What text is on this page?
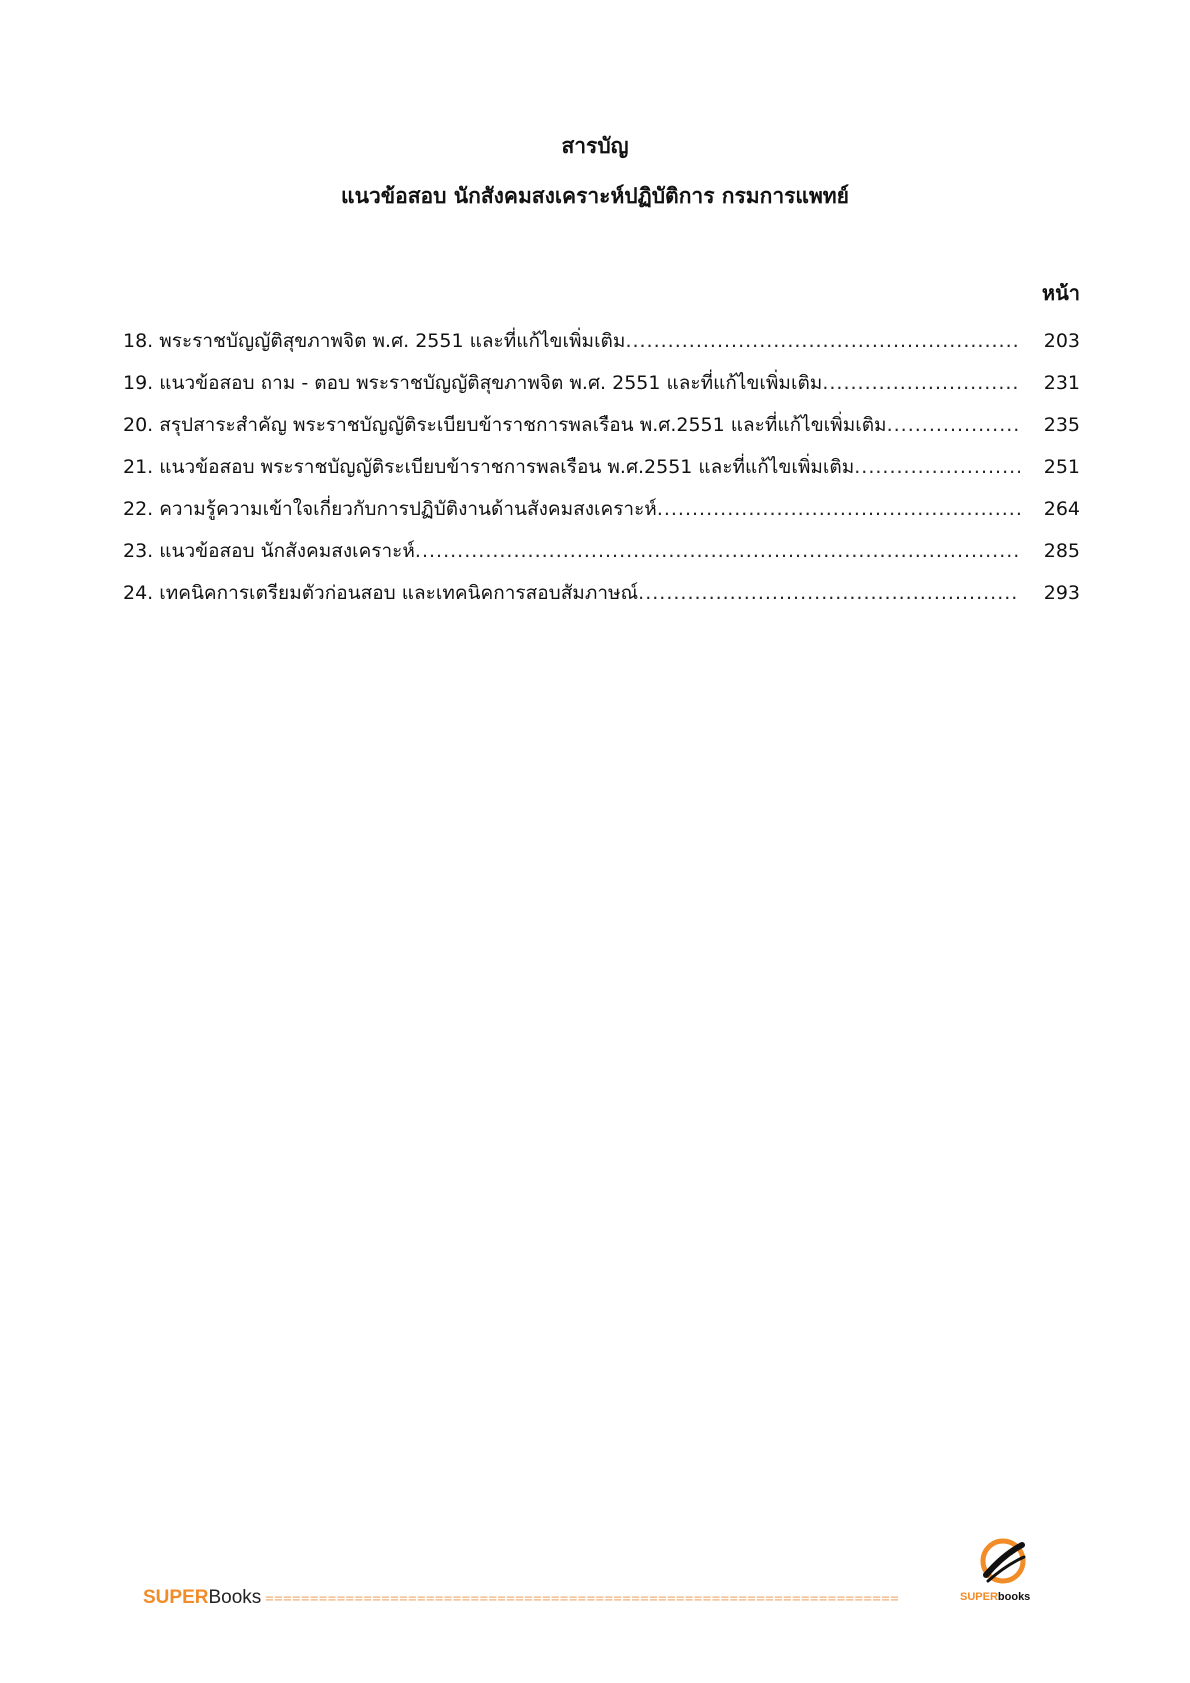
สารบัญ
แนวข้อสอบ นักสังคมสงเคราะห์ปฏิบัติการ กรมการแพทย์
หน้า
18. พระราชบัญญัติสุขภาพจิต พ.ศ. 2551 และที่แก้ไขเพิ่มเติม .....	203
19. แนวข้อสอบ ถาม - ตอบ พระราชบัญญัติสุขภาพจิต พ.ศ. 2551 และที่แก้ไขเพิ่มเติม .....	231
20. สรุปสาระสำคัญ พระราชบัญญัติระเบียบข้าราชการพลเรือน พ.ศ.2551 และที่แก้ไขเพิ่มเติม .....	235
21. แนวข้อสอบ พระราชบัญญัติระเบียบข้าราชการพลเรือน พ.ศ.2551 และที่แก้ไขเพิ่มเติม .....	251
22. ความรู้ความเข้าใจเกี่ยวกับการปฏิบัติงานด้านสังคมสงเคราะห์ .....	264
23. แนวข้อสอบ นักสังคมสงเคราะห์ .....	285
24. เทคนิคการเตรียมตัวก่อนสอบ และเทคนิคการสอบสัมภาษณ์ .....	293
SUPERBooks =======================================================================	SUPERbooks
